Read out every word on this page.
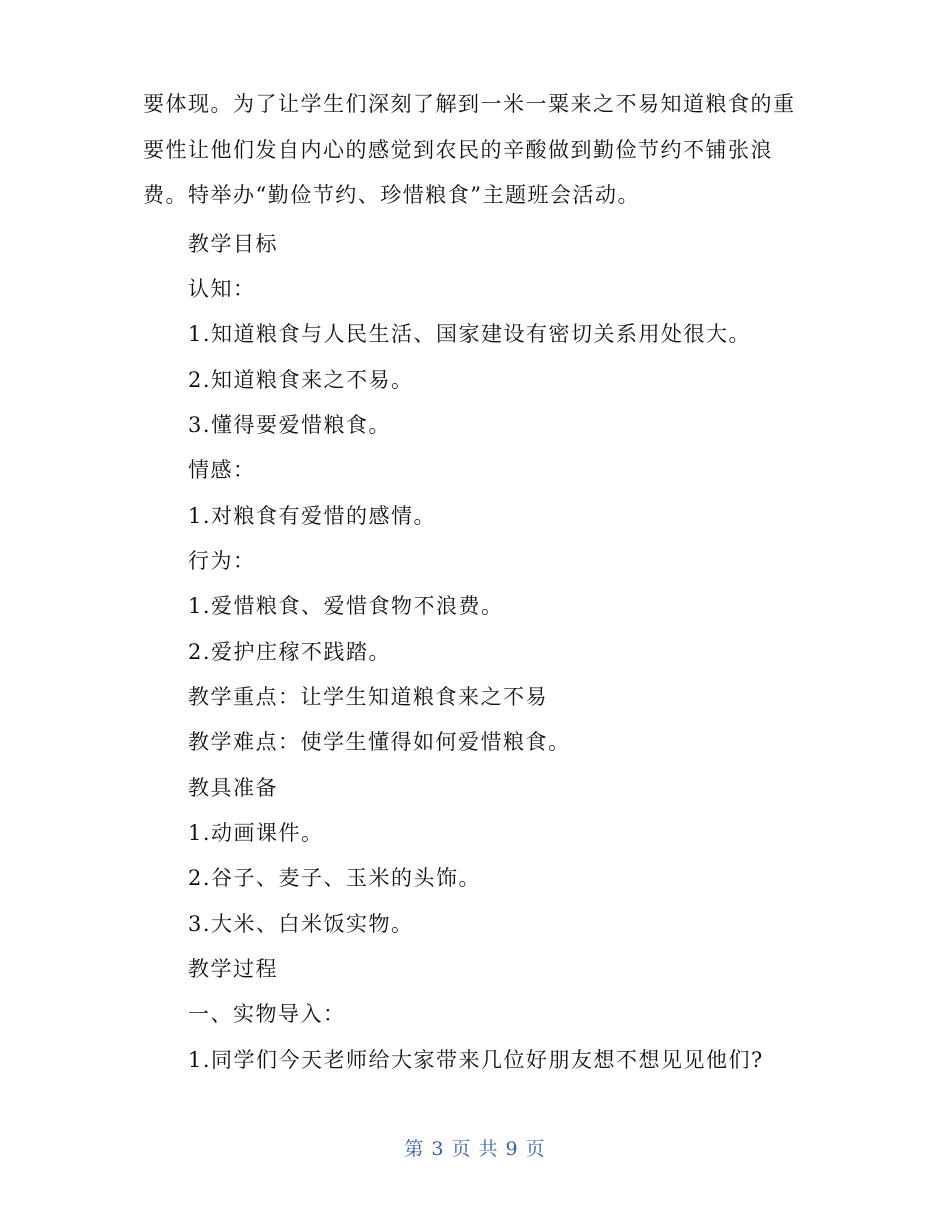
要体现。为了让学生们深刻了解到一米一粟来之不易知道粮食的重要性让他们发自内心的感觉到农民的辛酸做到勤俭节约不铺张浪费。特举办“勤俭节约、珍惜粮食”主题班会活动。

教学目标

认知：

1.知道粮食与人民生活、国家建设有密切关系用处很大。

2.知道粮食来之不易。

3.懂得要爱惜粮食。

情感：

1.对粮食有爱惜的感情。

行为：

1.爱惜粮食、爱惜食物不浪费。

2.爱护庄稼不践踏。

教学重点：让学生知道粮食来之不易

教学难点：使学生懂得如何爱惜粮食。

教具准备

1.动画课件。

2.谷子、麦子、玉米的头饰。

3.大米、白米饭实物。

教学过程

一、实物导入：

1.同学们今天老师给大家带来几位好朋友想不想见见他们?

第 3 页 共 9 页
